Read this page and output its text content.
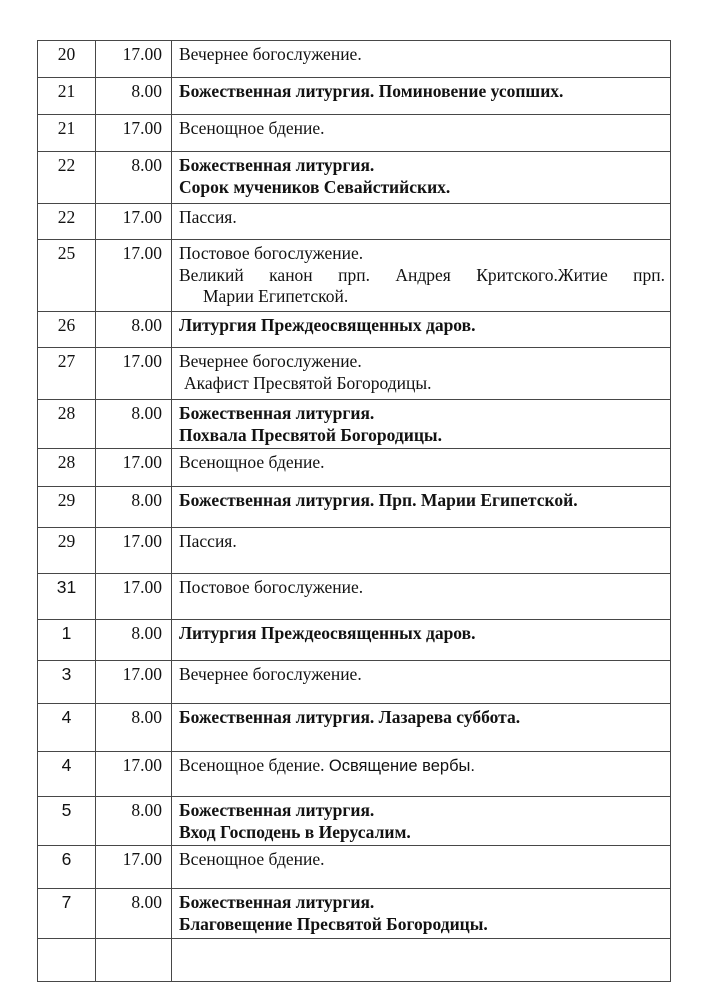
20	17.00	Вечернее богослужение.

21	8.00	Божественная литургия. Поминовение усопших.

21	17.00	Всенощное бдение.

22	8.00	Божественная литургия.
Сорок мучеников Севайстийских.

22	17.00	Пассия.

25	17.00	Постовое богослужение.
Великий канон прп. Андрея Критского.Житие прп.
Марии Египетской.

26	8.00	Литургия Преждеосвященных даров.

27	17.00	Вечернее богослужение.
Акафист Пресвятой Богородицы.

28	8.00	Божественная литургия.
Похвала Пресвятой Богородицы.

28	17.00	Всенощное бдение.

29	8.00	Божественная литургия. Прп. Марии Египетской.

29	17.00	Пассия.

31	17.00	Постовое богослужение.

1	8.00	Литургия Преждеосвященных даров.

3	17.00	Вечернее богослужение.

4	8.00	Божественная литургия. Лазарева суббота.

4	17.00	Всенощное бдение. Освящение вербы.

5	8.00	Божественная литургия.
Вход Господень в Иерусалим.

6	17.00	Всенощное бдение.

7	8.00	Божественная литургия.
Благовещение Пресвятой Богородицы.
